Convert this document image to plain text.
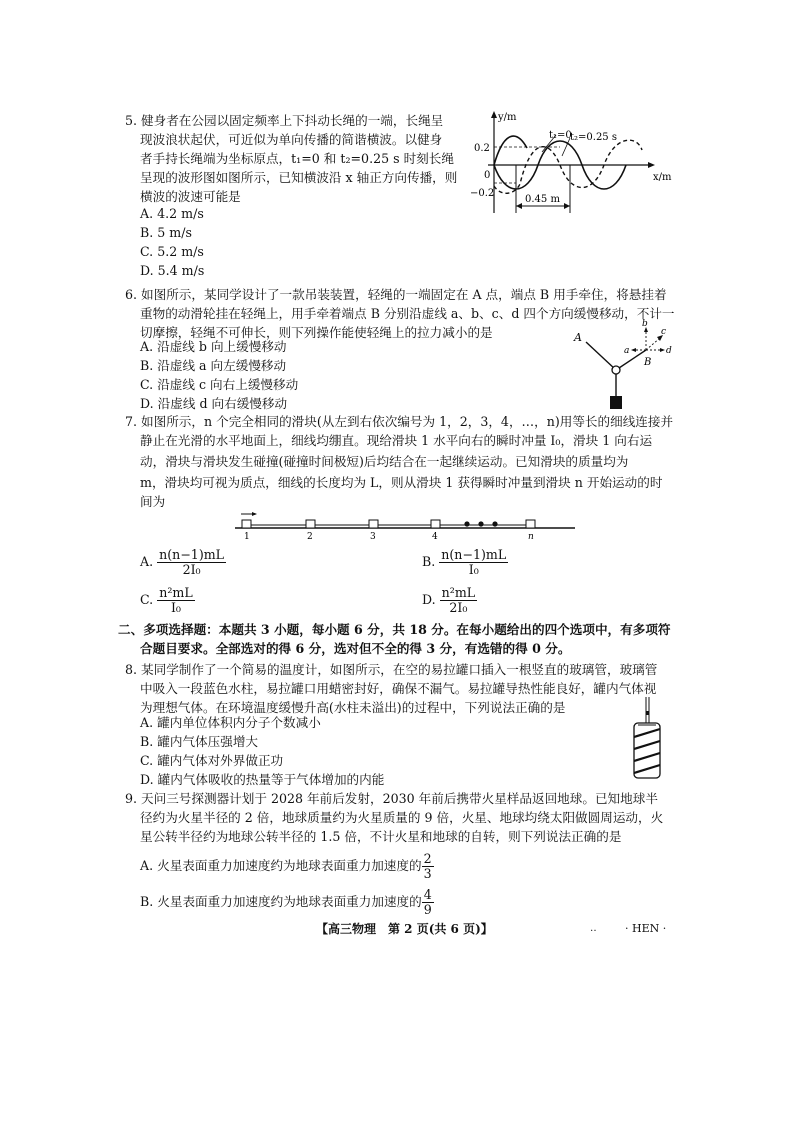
5. 健身者在公园以固定频率上下抖动长绳的一端，长绳呈
现波浪状起伏，可近似为单向传播的简谐横波。以健身
者手持长绳端为坐标原点，t₁=0 和 t₂=0.25 s 时刻长绳
呈现的波形图如图所示，已知横波沿 x 轴正方向传播，则
横波的波速可能是
A. 4.2 m/s
B. 5 m/s
C. 5.2 m/s
D. 5.4 m/s
y/m
x/m
0
0.2
−0.2
t₁=0
t₂=0.25 s
0.45 m
6. 如图所示，某同学设计了一款吊装装置，轻绳的一端固定在 A 点，端点 B 用手牵住，将悬挂着
重物的动滑轮挂在轻绳上，用手牵着端点 B 分别沿虚线 a、b、c、d 四个方向缓慢移动，不计一
切摩擦，轻绳不可伸长，则下列操作能使轻绳上的拉力减小的是
A. 沿虚线 b 向上缓慢移动
B. 沿虚线 a 向左缓慢移动
C. 沿虚线 c 向右上缓慢移动
D. 沿虚线 d 向右缓慢移动
A
B
a
b
c
d
7. 如图所示，n 个完全相同的滑块(从左到右依次编号为 1，2，3，4，…，n)用等长的细线连接并
静止在光滑的水平地面上，细线均绷直。现给滑块 1 水平向右的瞬时冲量 I₀，滑块 1 向右运
动，滑块与滑块发生碰撞(碰撞时间极短)后均结合在一起继续运动。已知滑块的质量均为
m，滑块均可视为质点，细线的长度均为 L，则从滑块 1 获得瞬时冲量到滑块 n 开始运动的时
间为
1	2	3	4	n
A. $\frac{n(n-1)mL}{\text{2I₀}}$	B. $\frac{n(n-1)mL}{\text{I₀}}$
C. $\frac{\text{n²mL}}{\text{I₀}}$	D. $\frac{\text{n²mL}}{\text{2I₀}}$
二、多项选择题：本题共 3 小题，每小题 6 分，共 18 分。在每小题给出的四个选项中，有多项符
合题目要求。全部选对的得 6 分，选对但不全的得 3 分，有选错的得 0 分。
8. 某同学制作了一个简易的温度计，如图所示，在空的易拉罐口插入一根竖直的玻璃管，玻璃管
中吸入一段蓝色水柱，易拉罐口用蜡密封好，确保不漏气。易拉罐导热性能良好，罐内气体视
为理想气体。在环境温度缓慢升高(水柱未溢出)的过程中，下列说法正确的是
A. 罐内单位体积内分子个数减小
B. 罐内气体压强增大
C. 罐内气体对外界做正功
D. 罐内气体吸收的热量等于气体增加的内能
9. 天问三号探测器计划于 2028 年前后发射，2030 年前后携带火星样品返回地球。已知地球半
径约为火星半径的 2 倍，地球质量约为火星质量的 9 倍，火星、地球均绕太阳做圆周运动，火
星公转半径约为地球公转半径的 1.5 倍，不计火星和地球的自转，则下列说法正确的是
A. 火星表面重力加速度约为地球表面重力加速度的 $\frac{2}{3}$
B. 火星表面重力加速度约为地球表面重力加速度的 $\frac{4}{9}$
【高三物理　第 2 页(共 6 页)】	‥	· HEN ·
